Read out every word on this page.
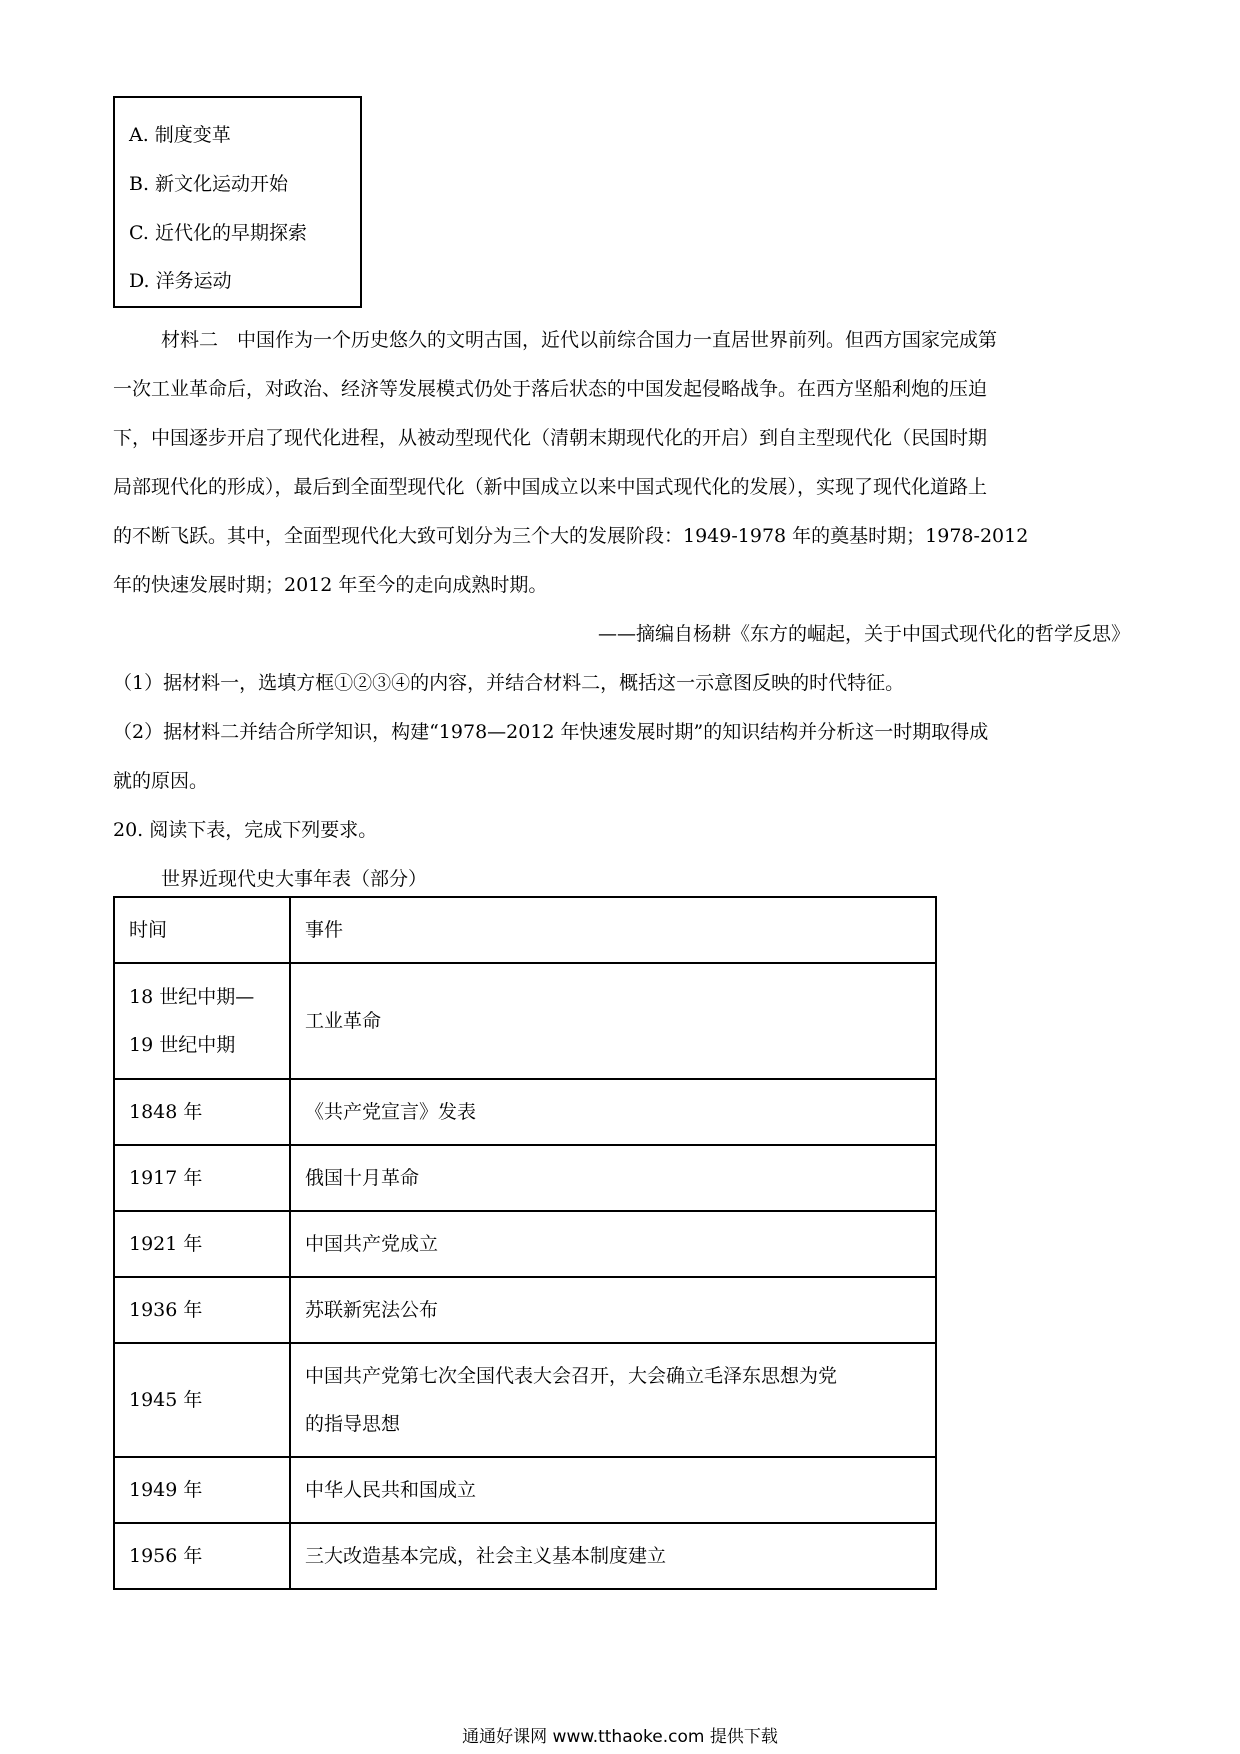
A. 制度变革
B. 新文化运动开始
C. 近代化的早期探索
D. 洋务运动
材料二　中国作为一个历史悠久的文明古国，近代以前综合国力一直居世界前列。但西方国家完成第
一次工业革命后，对政治、经济等发展模式仍处于落后状态的中国发起侵略战争。在西方坚船利炮的压迫
下，中国逐步开启了现代化进程，从被动型现代化（清朝末期现代化的开启）到自主型现代化（民国时期
局部现代化的形成），最后到全面型现代化（新中国成立以来中国式现代化的发展），实现了现代化道路上
的不断飞跃。其中，全面型现代化大致可划分为三个大的发展阶段：1949-1978 年的奠基时期；1978-2012
年的快速发展时期；2012 年至今的走向成熟时期。
——摘编自杨耕《东方的崛起，关于中国式现代化的哲学反思》
（1）据材料一，选填方框①②③④的内容，并结合材料二，概括这一示意图反映的时代特征。
（2）据材料二并结合所学知识，构建“1978—2012 年快速发展时期”的知识结构并分析这一时期取得成
就的原因。
20. 阅读下表，完成下列要求。
世界近现代史大事年表（部分）
时间	事件

18 世纪中期—
19 世纪中期	工业革命

1848 年	《共产党宣言》发表

1917 年	俄国十月革命

1921 年	中国共产党成立

1936 年	苏联新宪法公布

1945 年	中国共产党第七次全国代表大会召开，大会确立毛泽东思想为党
的指导思想

1949 年	中华人民共和国成立

1956 年	三大改造基本完成，社会主义基本制度建立
通通好课网 www.tthaoke.com 提供下载
